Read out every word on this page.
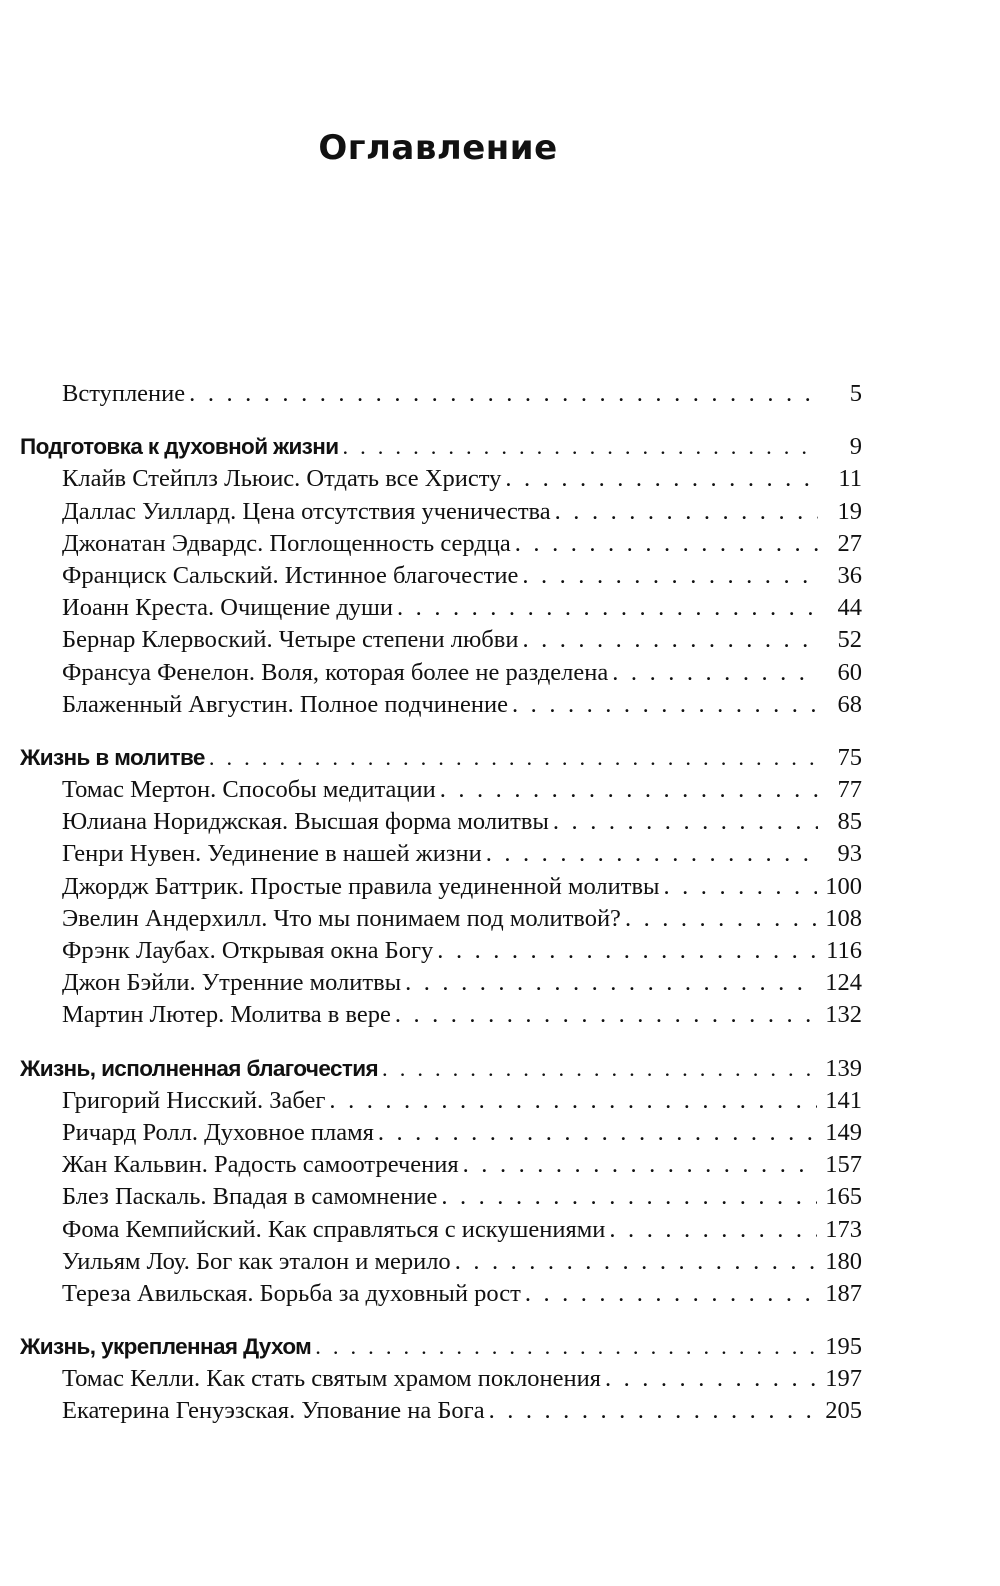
Оглавление
Вступление . . .	5
Подготовка к духовной жизни . . .	9
Клайв Стейплз Льюис. Отдать все Христу . . .	11
Даллас Уиллард. Цена отсутствия ученичества . . .	19
Джонатан Эдвардс. Поглощенность сердца . . .	27
Франциск Сальский. Истинное благочестие . . .	36
Иоанн Креста. Очищение души . . .	44
Бернар Клервоский. Четыре степени любви . . .	52
Франсуа Фенелон. Воля, которая более не разделена . . .	60
Блаженный Августин. Полное подчинение . . .	68
Жизнь в молитве . . .	75
Томас Мертон. Способы медитации . . .	77
Юлиана Нориджская. Высшая форма молитвы . . .	85
Генри Нувен. Уединение в нашей жизни . . .	93
Джордж Баттрик. Простые правила уединенной молитвы . . .	100
Эвелин Андерхилл. Что мы понимаем под молитвой? . . .	108
Фрэнк Лаубах. Открывая окна Богу . . .	116
Джон Бэйли. Утренние молитвы . . .	124
Мартин Лютер. Молитва в вере . . .	132
Жизнь, исполненная благочестия . . .	139
Григорий Нисский. Забег . . .	141
Ричард Ролл. Духовное пламя . . .	149
Жан Кальвин. Радость самоотречения . . .	157
Блез Паскаль. Впадая в самомнение . . .	165
Фома Кемпийский. Как справляться с искушениями . . .	173
Уильям Лоу. Бог как эталон и мерило . . .	180
Тереза Авильская. Борьба за духовный рост . . .	187
Жизнь, укрепленная Духом . . .	195
Томас Келли. Как стать святым храмом поклонения . . .	197
Екатерина Генуэзская. Упование на Бога . . .	205
